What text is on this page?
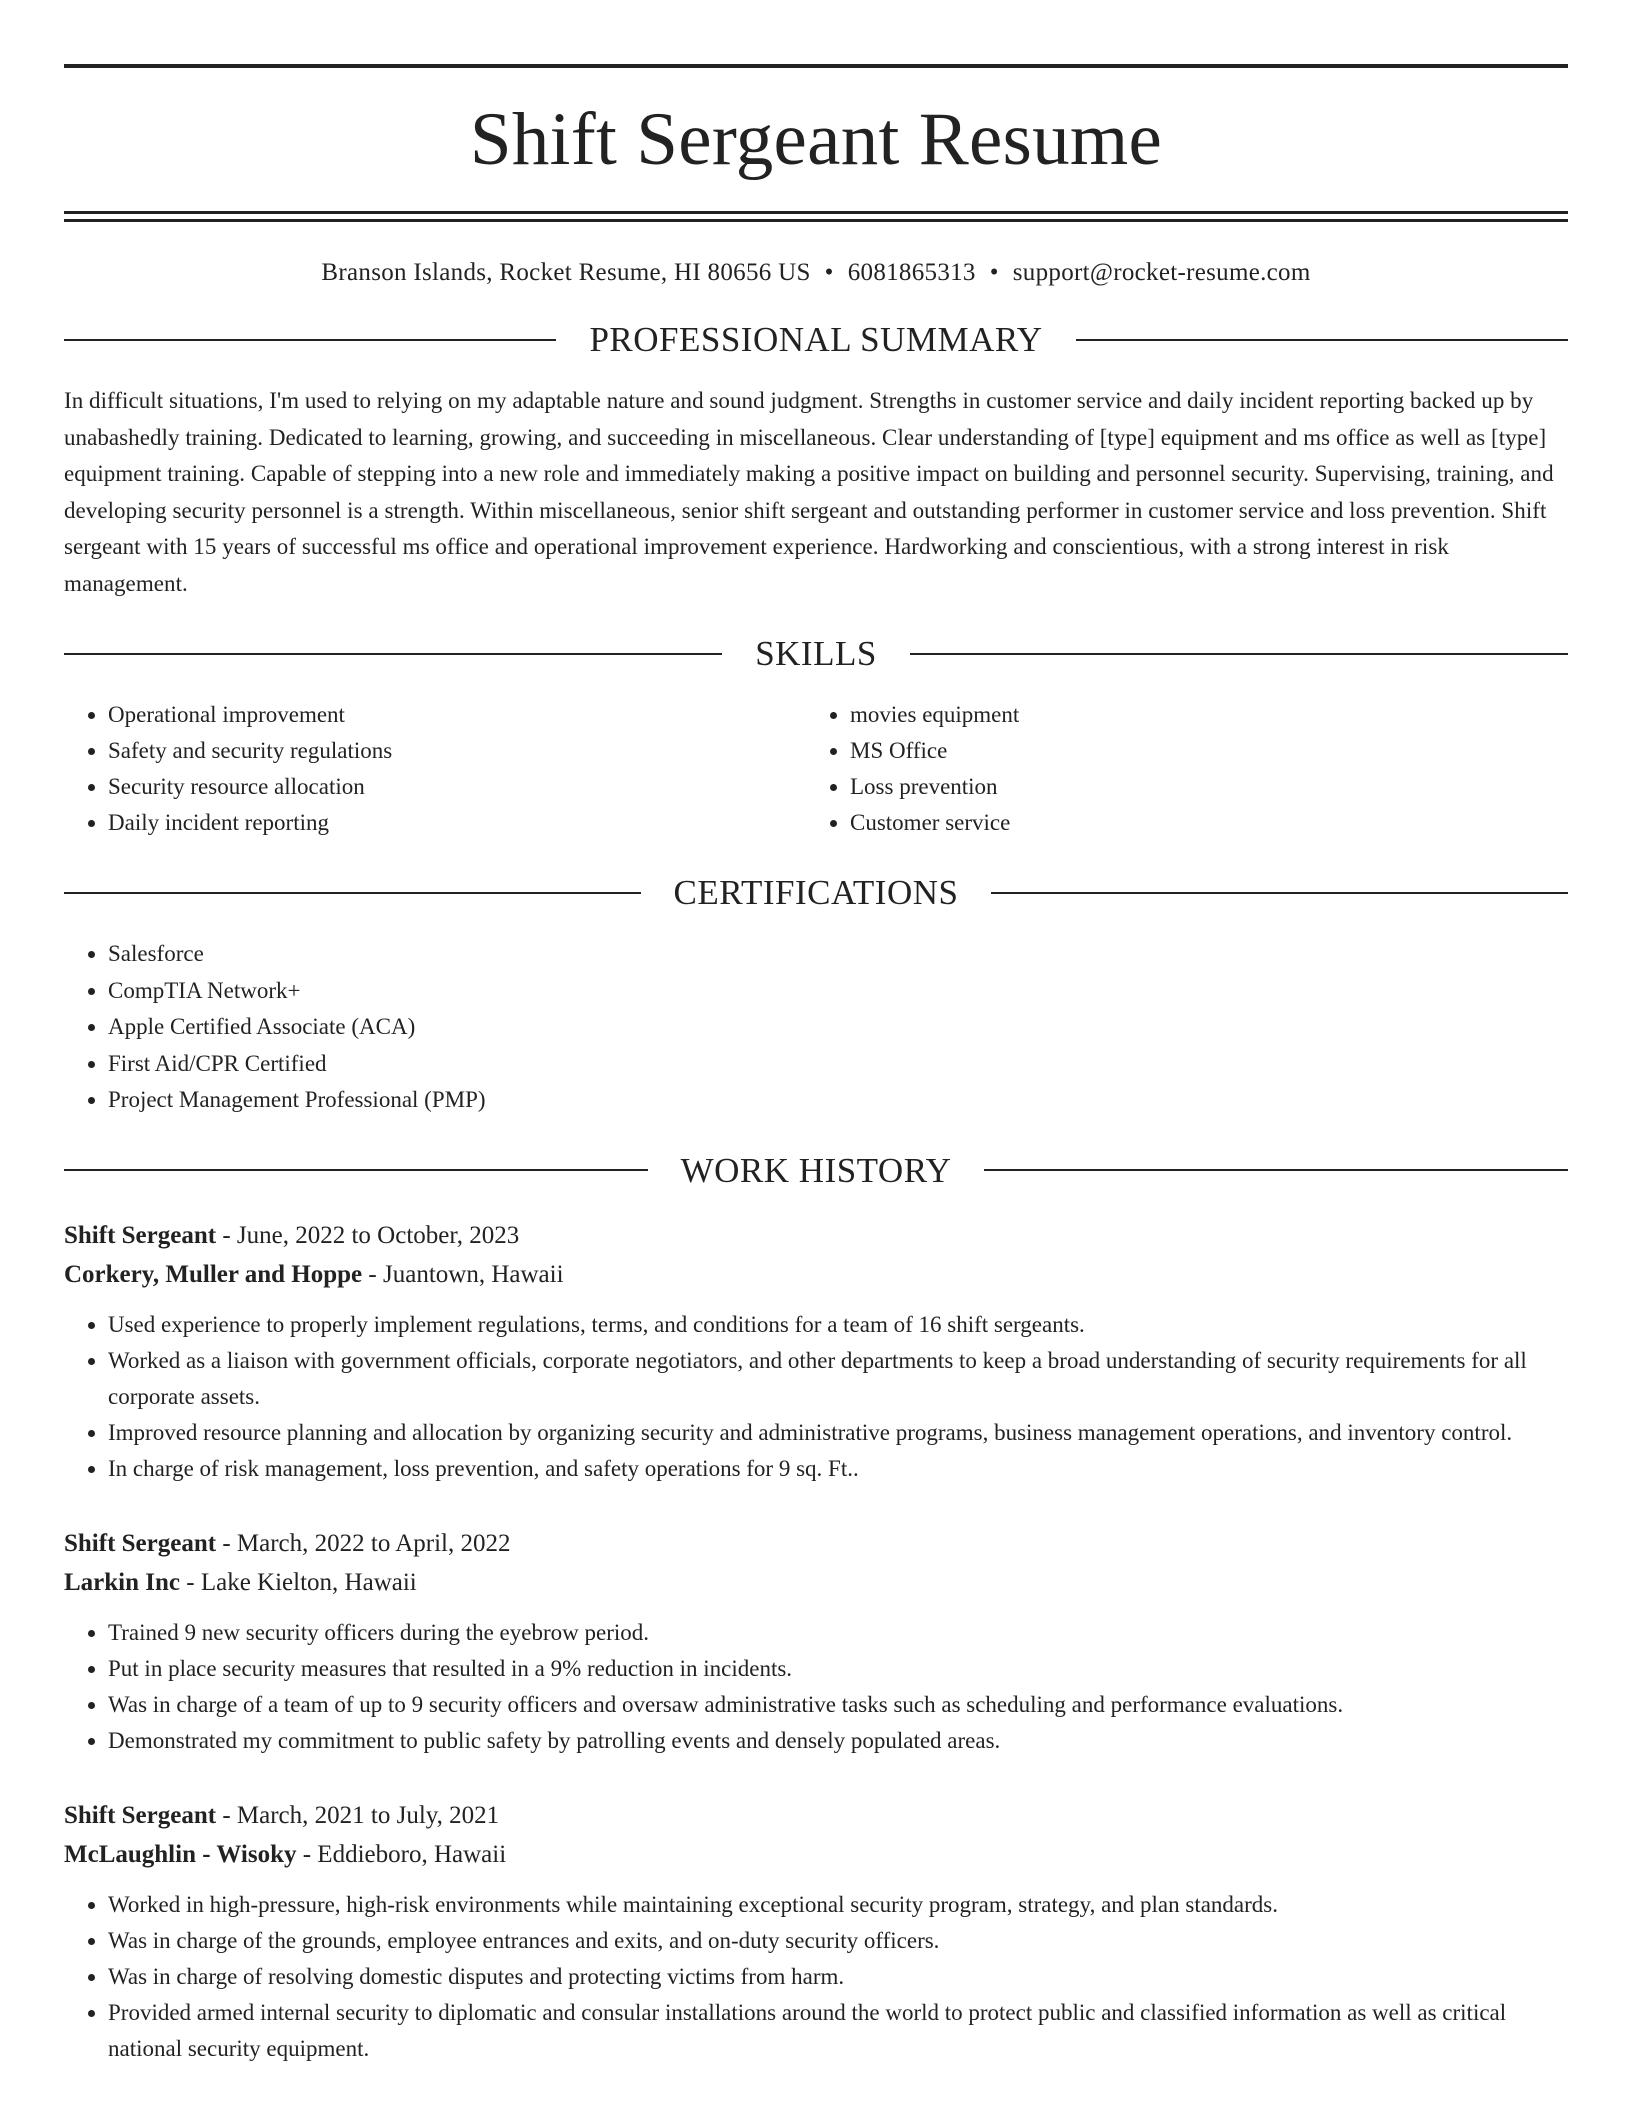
Shift Sergeant Resume
Branson Islands, Rocket Resume, HI 80656 US • 6081865313 • support@rocket-resume.com
PROFESSIONAL SUMMARY
In difficult situations, I'm used to relying on my adaptable nature and sound judgment. Strengths in customer service and daily incident reporting backed up by unabashedly training. Dedicated to learning, growing, and succeeding in miscellaneous. Clear understanding of [type] equipment and ms office as well as [type] equipment training. Capable of stepping into a new role and immediately making a positive impact on building and personnel security. Supervising, training, and developing security personnel is a strength. Within miscellaneous, senior shift sergeant and outstanding performer in customer service and loss prevention. Shift sergeant with 15 years of successful ms office and operational improvement experience. Hardworking and conscientious, with a strong interest in risk management.
SKILLS
• Operational improvement
• Safety and security regulations
• Security resource allocation
• Daily incident reporting
• movies equipment
• MS Office
• Loss prevention
• Customer service
CERTIFICATIONS
• Salesforce
• CompTIA Network+
• Apple Certified Associate (ACA)
• First Aid/CPR Certified
• Project Management Professional (PMP)
WORK HISTORY
Shift Sergeant - June, 2022 to October, 2023
Corkery, Muller and Hoppe - Juantown, Hawaii
• Used experience to properly implement regulations, terms, and conditions for a team of 16 shift sergeants.
• Worked as a liaison with government officials, corporate negotiators, and other departments to keep a broad understanding of security requirements for all corporate assets.
• Improved resource planning and allocation by organizing security and administrative programs, business management operations, and inventory control.
• In charge of risk management, loss prevention, and safety operations for 9 sq. Ft..
Shift Sergeant - March, 2022 to April, 2022
Larkin Inc - Lake Kielton, Hawaii
• Trained 9 new security officers during the eyebrow period.
• Put in place security measures that resulted in a 9% reduction in incidents.
• Was in charge of a team of up to 9 security officers and oversaw administrative tasks such as scheduling and performance evaluations.
• Demonstrated my commitment to public safety by patrolling events and densely populated areas.
Shift Sergeant - March, 2021 to July, 2021
McLaughlin - Wisoky - Eddieboro, Hawaii
• Worked in high-pressure, high-risk environments while maintaining exceptional security program, strategy, and plan standards.
• Was in charge of the grounds, employee entrances and exits, and on-duty security officers.
• Was in charge of resolving domestic disputes and protecting victims from harm.
• Provided armed internal security to diplomatic and consular installations around the world to protect public and classified information as well as critical national security equipment.
